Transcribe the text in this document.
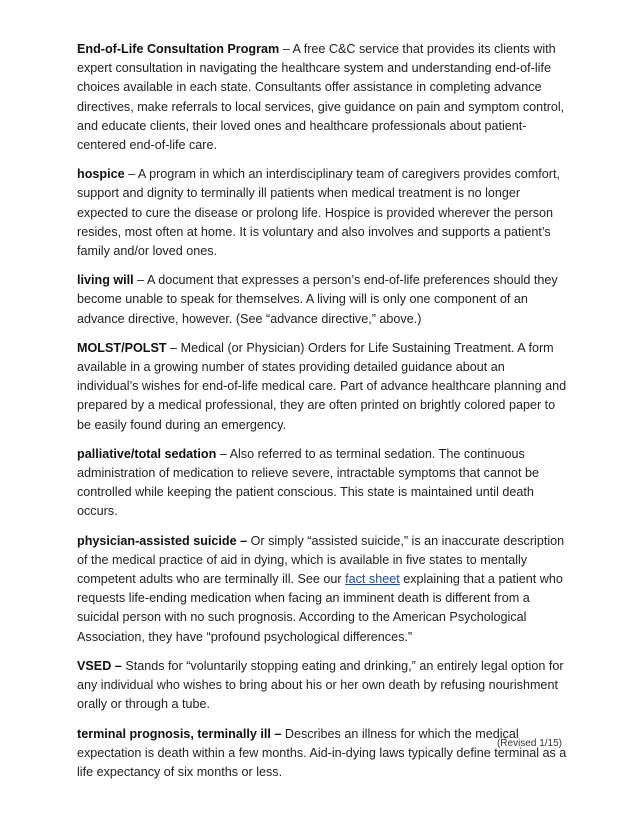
End-of-Life Consultation Program – A free C&C service that provides its clients with expert consultation in navigating the healthcare system and understanding end-of-life choices available in each state. Consultants offer assistance in completing advance directives, make referrals to local services, give guidance on pain and symptom control, and educate clients, their loved ones and healthcare professionals about patient-centered end-of-life care.

hospice – A program in which an interdisciplinary team of caregivers provides comfort, support and dignity to terminally ill patients when medical treatment is no longer expected to cure the disease or prolong life. Hospice is provided wherever the person resides, most often at home. It is voluntary and also involves and supports a patient’s family and/or loved ones.

living will – A document that expresses a person’s end-of-life preferences should they become unable to speak for themselves. A living will is only one component of an advance directive, however. (See “advance directive,” above.)

MOLST/POLST – Medical (or Physician) Orders for Life Sustaining Treatment. A form available in a growing number of states providing detailed guidance about an individual’s wishes for end-of-life medical care. Part of advance healthcare planning and prepared by a medical professional, they are often printed on brightly colored paper to be easily found during an emergency.

palliative/total sedation – Also referred to as terminal sedation. The continuous administration of medication to relieve severe, intractable symptoms that cannot be controlled while keeping the patient conscious. This state is maintained until death occurs.

physician-assisted suicide – Or simply “assisted suicide,” is an inaccurate description of the medical practice of aid in dying, which is available in five states to mentally competent adults who are terminally ill. See our fact sheet explaining that a patient who requests life-ending medication when facing an imminent death is different from a suicidal person with no such prognosis. According to the American Psychological Association, they have “profound psychological differences.”

VSED – Stands for “voluntarily stopping eating and drinking,” an entirely legal option for any individual who wishes to bring about his or her own death by refusing nourishment orally or through a tube.

terminal prognosis, terminally ill – Describes an illness for which the medical expectation is death within a few months. Aid-in-dying laws typically define terminal as a life expectancy of six months or less.

(Revised 1/15)
